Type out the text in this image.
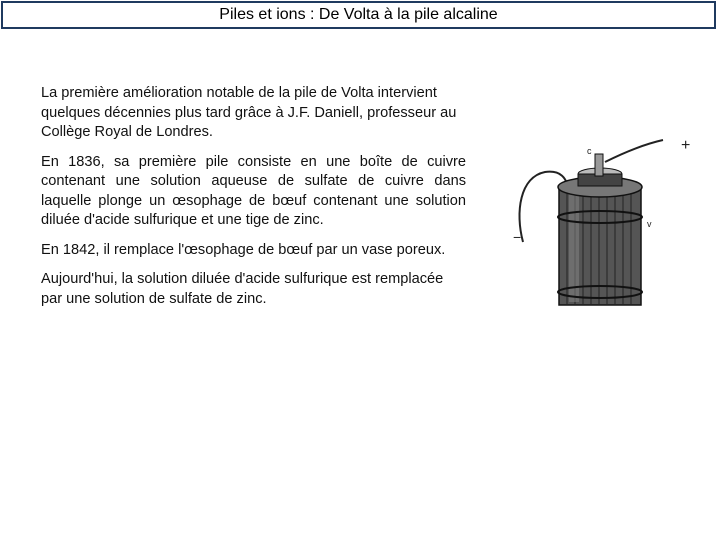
Piles et ions : De Volta à la pile alcaline

La première amélioration notable de la pile de Volta intervient quelques décennies plus tard grâce à J.F. Daniell, professeur au Collège Royal de Londres.

En 1836, sa première pile consiste en une boîte de cuivre contenant une solution aqueuse de sulfate de cuivre dans laquelle plonge un œsophage de bœuf contenant une solution diluée d'acide sulfurique et une tige de zinc.

En 1842, il remplace l'œsophage de bœuf par un vase poreux.

Aujourd'hui, la solution diluée d'acide sulfurique est remplacée par une solution de sulfate de zinc.

+
−
c
v
